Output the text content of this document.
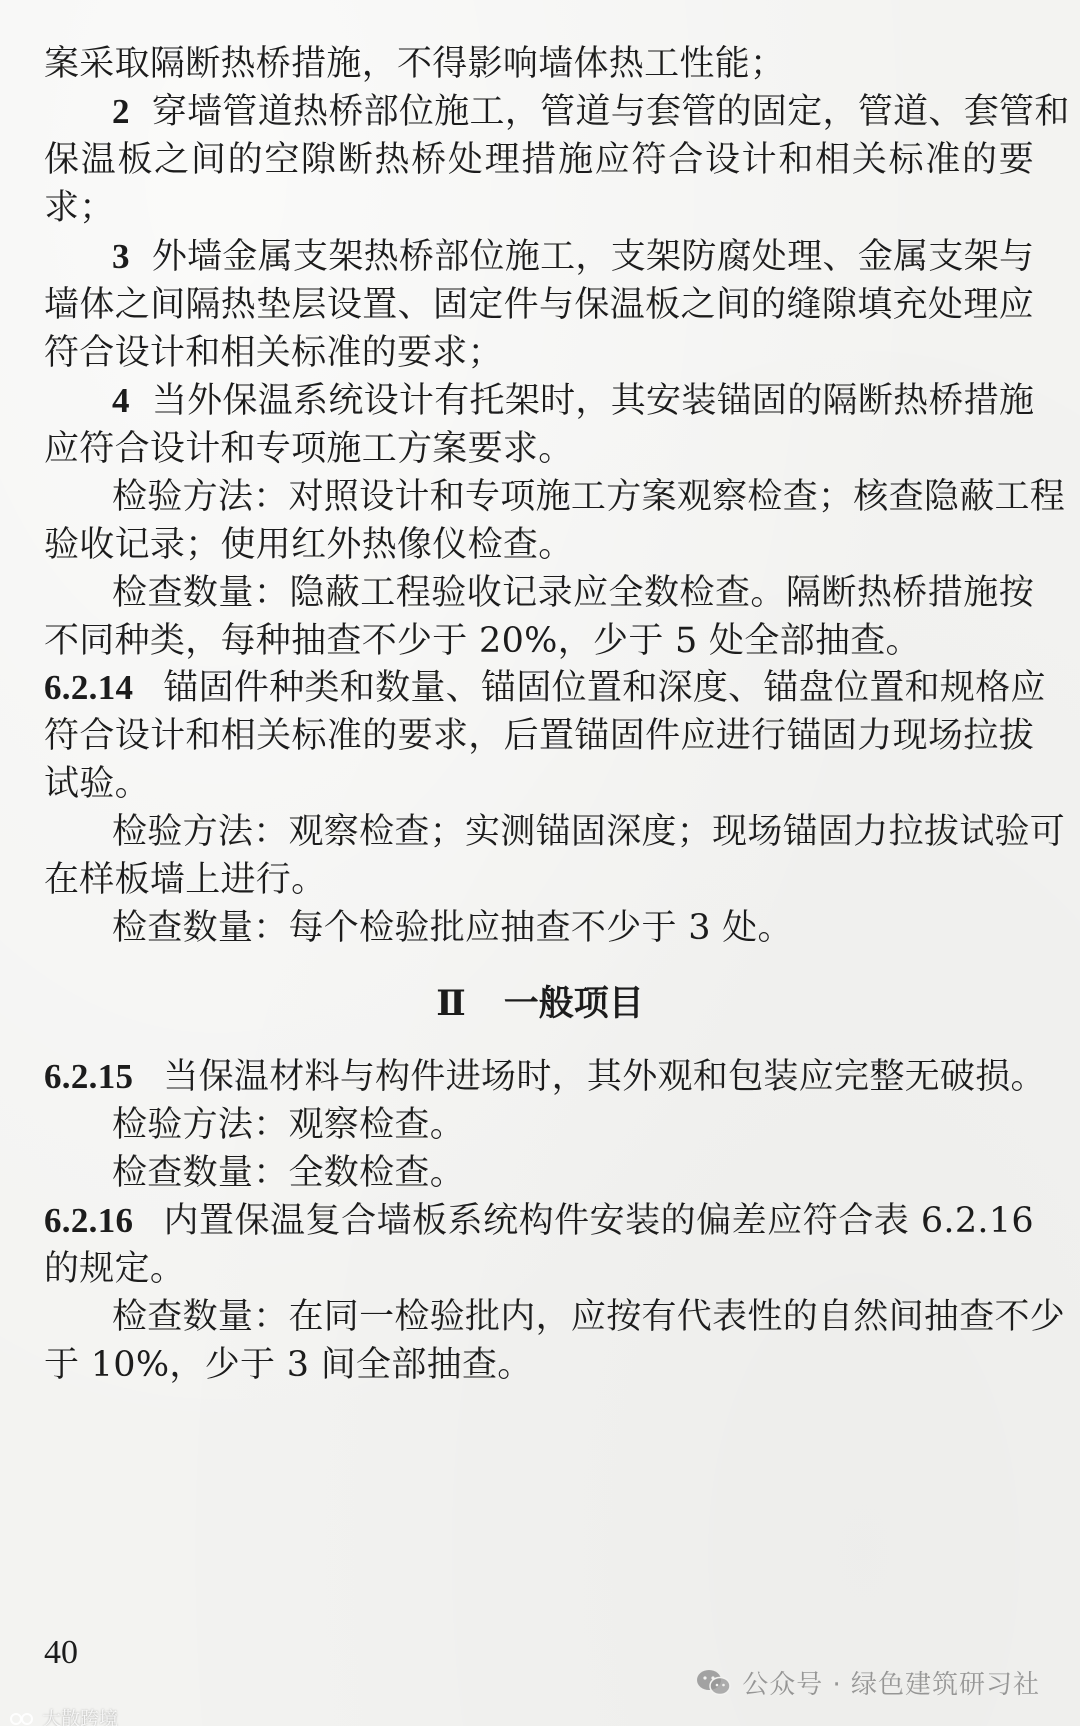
案采取隔断热桥措施，不得影响墙体热工性能；
2 穿墙管道热桥部位施工，管道与套管的固定，管道、套管和
保温板之间的空隙断热桥处理措施应符合设计和相关标准的要
求；
3 外墙金属支架热桥部位施工，支架防腐处理、金属支架与
墙体之间隔热垫层设置、固定件与保温板之间的缝隙填充处理应
符合设计和相关标准的要求；
4 当外保温系统设计有托架时，其安装锚固的隔断热桥措施
应符合设计和专项施工方案要求。
检验方法：对照设计和专项施工方案观察检查；核查隐蔽工程
验收记录；使用红外热像仪检查。
检查数量：隐蔽工程验收记录应全数检查。隔断热桥措施按
不同种类，每种抽查不少于 20%，少于 5 处全部抽查。
6.2.14 锚固件种类和数量、锚固位置和深度、锚盘位置和规格应
符合设计和相关标准的要求，后置锚固件应进行锚固力现场拉拔
试验。
检验方法：观察检查；实测锚固深度；现场锚固力拉拔试验可
在样板墙上进行。
检查数量：每个检验批应抽查不少于 3 处。
Ⅱ 一般项目
6.2.15 当保温材料与构件进场时，其外观和包装应完整无破损。
检验方法：观察检查。
检查数量：全数检查。
6.2.16 内置保温复合墙板系统构件安装的偏差应符合表 6.2.16
的规定。
检查数量：在同一检验批内，应按有代表性的自然间抽查不少
于 10%，少于 3 间全部抽查。
40
公众号 · 绿色建筑研习社
大散跨境
